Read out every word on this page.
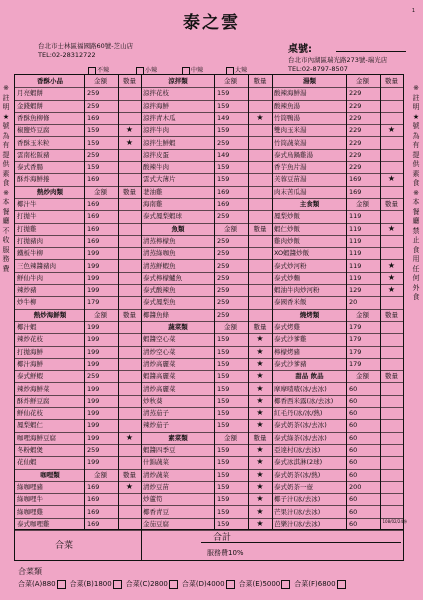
泰之雲
1
台北市士林區福國路60號-芝山店
TEL:02-28312722	桌號:
台北市內湖區瑞光路273號-瑞光店
TEL:02-8797-8507
不辣	小辣	中辣	大辣
※
註
明
★
號
為
有
提
供
素
食
※
本
餐
廳
不
收
服
務
費
※
註
明
★
號
為
有
提
供
素
食
※
本
餐
廳
禁
止
食
用
任
何
外
食
香酥小品	金額	數量
月亮蝦餅	259
金錢蝦餅	259
香酥魚柳條	169
椒鹽炸豆腐	159	★
香酥玉米粒	159	★
雲南松阪豬	259
泰式香腸	159
酥炸海鮮捲	169
熱炒肉類	金額	數量
椰汁牛	169
打拋牛	169
打拋雞	169
打拋豬肉	169
鐵板牛柳	199
三色辣醬豬肉	199
鮮仙牛肉	199
辣炒豬	199
炒牛柳	179
熱炒海鮮類	金額	數量
椰汁蝦	199
辣炒花枝	199
打拋海鮮	199
椰汁海鮮	199
泰式鮮蝦	259
辣炒海鮮菜	199
酥炸鮮豆腐	199
鮮仙花枝	199
鳳梨蝦仁	199
咖哩海鮮豆腐	199	★
冬粉蝦煲	259
花仙蝦	199
咖哩類	金額	數量
綠咖哩豬	169	★
綠咖哩牛	169
綠咖哩雞	169
泰式咖哩雞	169
涼拌類	金額	數量
涼拌花枝	159
涼拌海鮮	159
涼拌青木瓜	149	★
涼拌牛肉	159
涼拌生鮮蝦	259
涼拌皮蛋	149
酸辣牛肉	159
雲式大薄片	159
荖油雞	169
海南雞	169
泰式鳳梨蝦球	259
魚類	金額	數量
清蒸檸檬魚	259
清蒸綠咖魚	259
清蒸鮮蝦魚	259
泰式檸檬鱸魚	259
泰式酸辣魚	259
泰式鳳梨魚	259
椰醬魚條	259
蔬菜類	金額	數量
蝦醬空心菜	159	★
清炒空心菜	159	★
清炒高麗菜	159	★
蝦醬高麗菜	159	★
清炒高麗菜	159	★
炒秋葵	159	★
清蒸茄子	159	★
辣炒茄子	159	★
素菜類	金額	數量
蝦醬四季豆	159	★
什錦蔬菜	159	★
清炒蔬菜	159	★
清炒豆苗	159	★
炒蘆筍	159	★
椰香青豆	159	★
金茄豆腐	159	★
湯類	金額	數量
酸辣海鮮湯	229
酸辣魚湯	229
竹筒鴨湯	229
雙肉玉米湯	229	★
竹筒蔬菜湯	229
泰式鳥鍋雞湯	229
香芋魚片湯	229
芙蓉豆苗湯	169	★
肉末苦瓜湯	169
主食類	金額	數量
鳳梨炒飯	119
蝦仁炒飯	119	★
雞肉炒飯	119
XO蝦醬炒飯	119
泰式炒河粉	119	★
泰式炒麵	119	★
蝦油牛肉炒河粉	129	★
泰國香米飯	20
燒烤類	金額	數量
泰式烤雞	179
泰式沙爹雞	179
檸檬烤豬	179
泰式沙爹豬	179
甜品 飲品	金額	數量
摩摩喳喳(冰/去冰)	60
椰香西米露(冰/去冰)	60
紅毛丹(冰/冰/熱)	60
泰式奶茶(冰/去冰)	60
泰式綠茶(冰/去冰)	60
亞達村(冰/去冰)	60
泰式冰淇淋(2球)	60
泰式奶茶(冰/熱)	60
泰式奶茶一壺	200
椰子汁(冰/去冰)	60
芒果汁(冰/去冰)	60
芭樂汁(冰/去冰)	60
合菜
合計
服務費10%
108/02/24修
合菜類
合菜(A)880 合菜(B)1800 合菜(C)2800 合菜(D)4000 合菜(E)5000 合菜(F)6800
